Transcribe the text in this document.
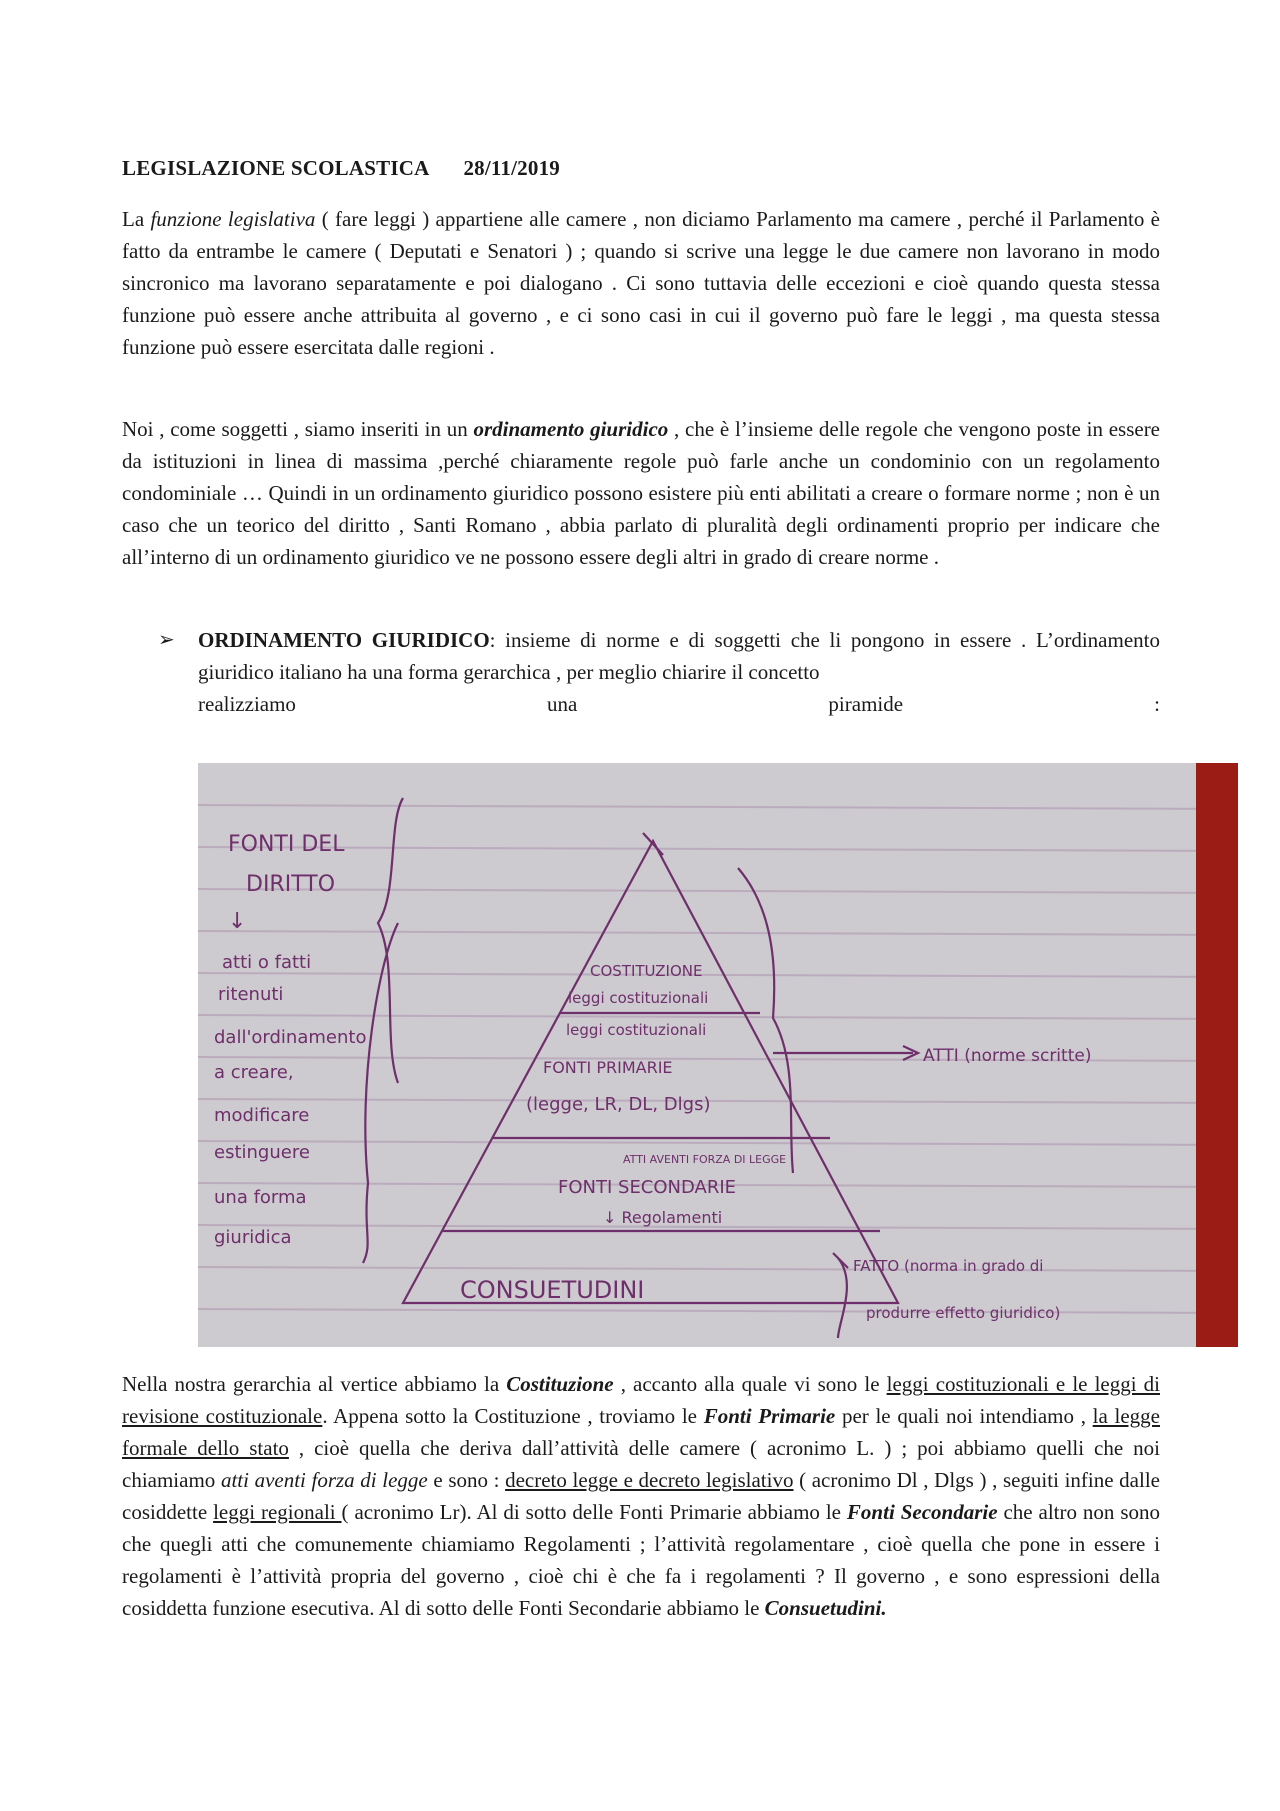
LEGISLAZIONE SCOLASTICA 28/11/2019

La funzione legislativa ( fare leggi ) appartiene alle camere , non diciamo Parlamento ma camere , perché il Parlamento è fatto da entrambe le camere ( Deputati e Senatori ) ; quando si scrive una legge le due camere non lavorano in modo sincronico ma lavorano separatamente e poi dialogano . Ci sono tuttavia delle eccezioni e cioè quando questa stessa funzione può essere anche attribuita al governo , e ci sono casi in cui il governo può fare le leggi , ma questa stessa funzione può essere esercitata dalle regioni .

Noi , come soggetti , siamo inseriti in un ordinamento giuridico , che è l’insieme delle regole che vengono poste in essere da istituzioni in linea di massima ,perché chiaramente regole può farle anche un condominio con un regolamento condominiale … Quindi in un ordinamento giuridico possono esistere più enti abilitati a creare o formare norme ; non è un caso che un teorico del diritto , Santi Romano , abbia parlato di pluralità degli ordinamenti proprio per indicare che all’interno di un ordinamento giuridico ve ne possono essere degli altri in grado di creare norme .

➢ ORDINAMENTO GIURIDICO: insieme di norme e di soggetti che li pongono in essere . L’ordinamento giuridico italiano ha una forma gerarchica , per meglio chiarire il concetto
realizziamo	una	piramide	:
FONTI DEL
DIRITTO
↓
atti o fatti
ritenuti
dall'ordinamento
a creare,
modificare
estinguere
una forma
giuridica
COSTITUZIONE
leggi costituzionali
leggi costituzionali
FONTI PRIMARIE
(legge, LR, DL, Dlgs)
ATTI AVENTI FORZA DI LEGGE
FONTI SECONDARIE
↓ Regolamenti
CONSUETUDINI
ATTI (norme scritte)
FATTO (norma in grado di
produrre effetto giuridico)

Nella nostra gerarchia al vertice abbiamo la Costituzione , accanto alla quale vi sono le leggi costituzionali e le leggi di revisione costituzionale. Appena sotto la Costituzione , troviamo le Fonti Primarie per le quali noi intendiamo , la legge formale dello stato , cioè quella che deriva dall’attività delle camere ( acronimo L. ) ; poi abbiamo quelli che noi chiamiamo atti aventi forza di legge e sono : decreto legge e decreto legislativo ( acronimo Dl , Dlgs ) , seguiti infine dalle cosiddette leggi regionali ( acronimo Lr). Al di sotto delle Fonti Primarie abbiamo le Fonti Secondarie che altro non sono che quegli atti che comunemente chiamiamo Regolamenti ; l’attività regolamentare , cioè quella che pone in essere i regolamenti è l’attività propria del governo , cioè chi è che fa i regolamenti ? Il governo , e sono espressioni della cosiddetta funzione esecutiva. Al di sotto delle Fonti Secondarie abbiamo le Consuetudini.
